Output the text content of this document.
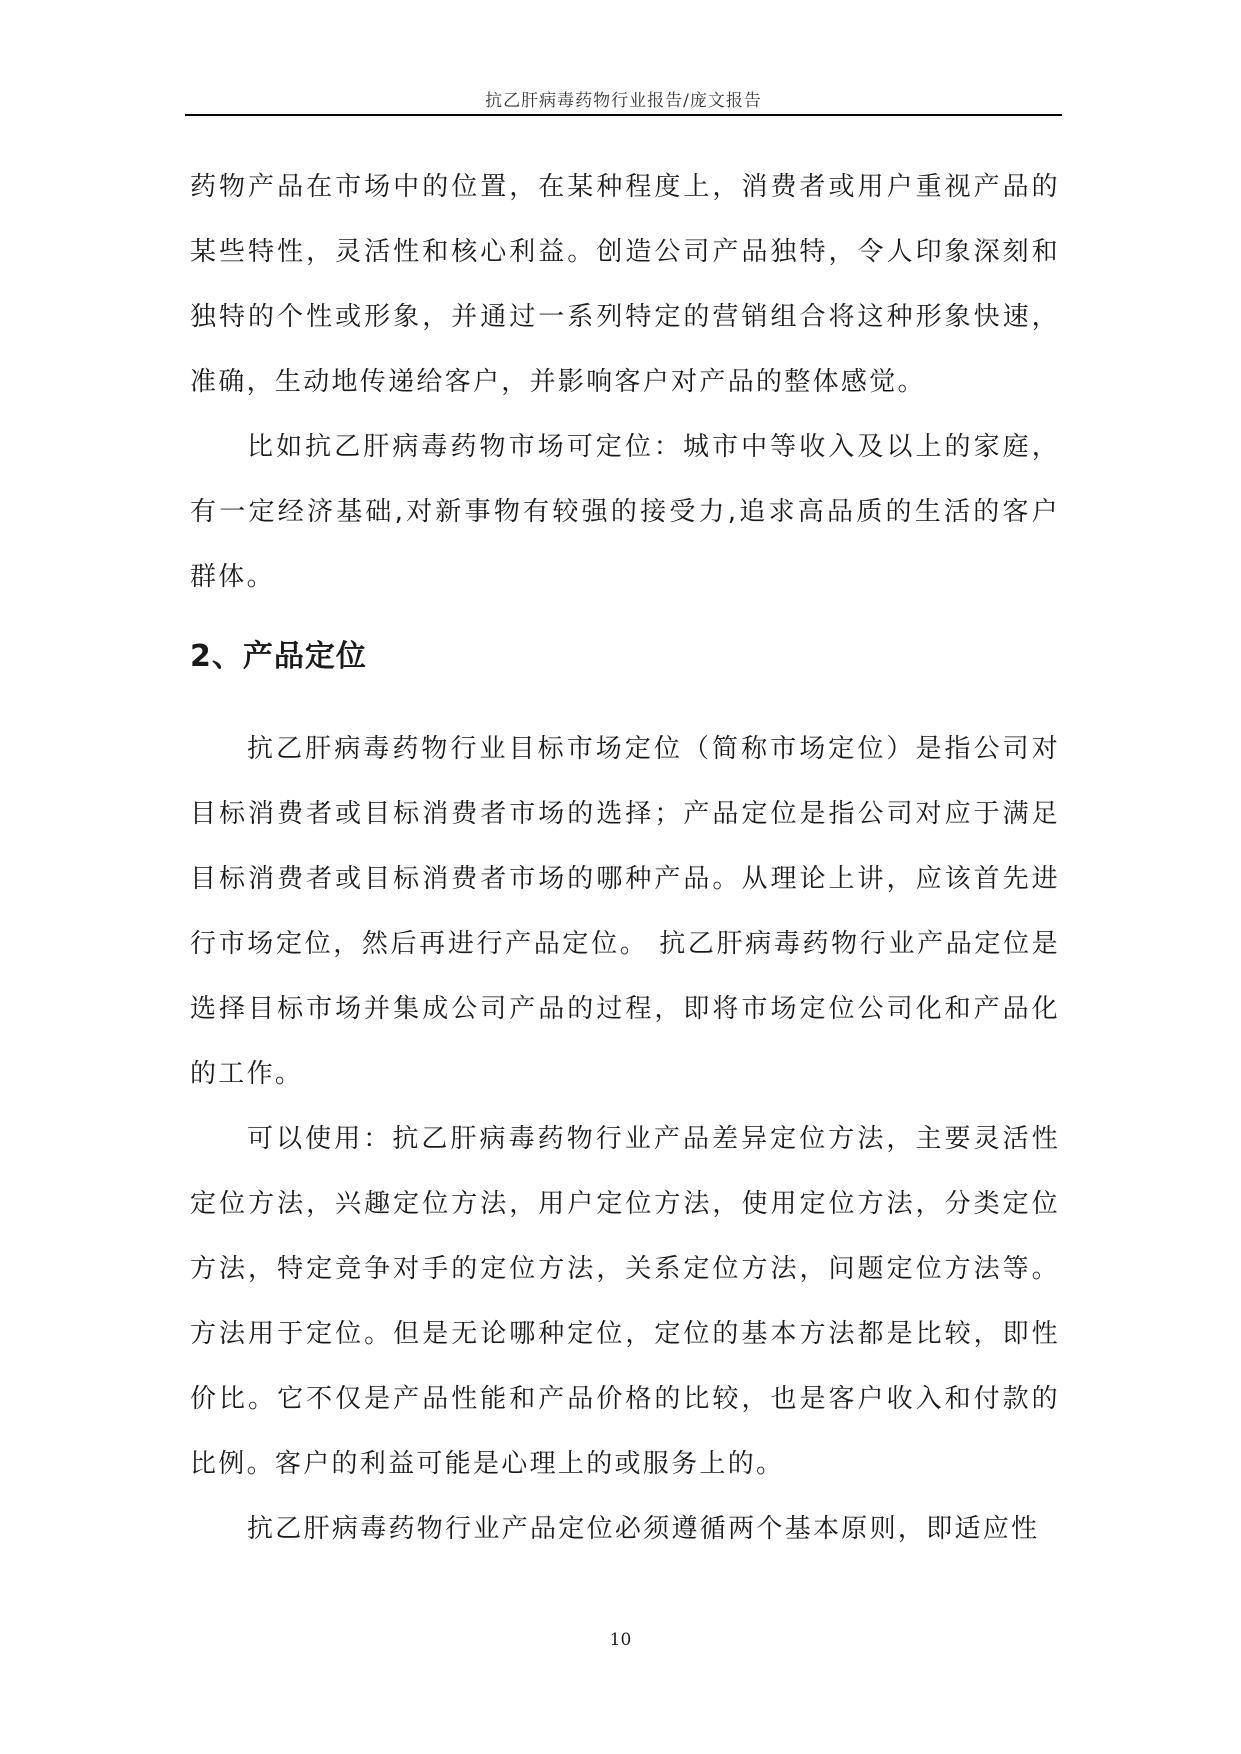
抗乙肝病毒药物行业报告/庞文报告

药物产品在市场中的位置，在某种程度上，消费者或用户重视产品的某些特性，灵活性和核心利益。创造公司产品独特，令人印象深刻和独特的个性或形象，并通过一系列特定的营销组合将这种形象快速，准确，生动地传递给客户，并影响客户对产品的整体感觉。

比如抗乙肝病毒药物市场可定位：城市中等收入及以上的家庭，有一定经济基础,对新事物有较强的接受力,追求高品质的生活的客户群体。

2、产品定位

抗乙肝病毒药物行业目标市场定位（简称市场定位）是指公司对目标消费者或目标消费者市场的选择；产品定位是指公司对应于满足目标消费者或目标消费者市场的哪种产品。从理论上讲，应该首先进行市场定位，然后再进行产品定位。 抗乙肝病毒药物行业产品定位是选择目标市场并集成公司产品的过程，即将市场定位公司化和产品化的工作。

可以使用：抗乙肝病毒药物行业产品差异定位方法，主要灵活性定位方法，兴趣定位方法，用户定位方法，使用定位方法，分类定位方法，特定竞争对手的定位方法，关系定位方法，问题定位方法等。方法用于定位。但是无论哪种定位，定位的基本方法都是比较，即性价比。它不仅是产品性能和产品价格的比较，也是客户收入和付款的比例。客户的利益可能是心理上的或服务上的。

抗乙肝病毒药物行业产品定位必须遵循两个基本原则，即适应性

10
